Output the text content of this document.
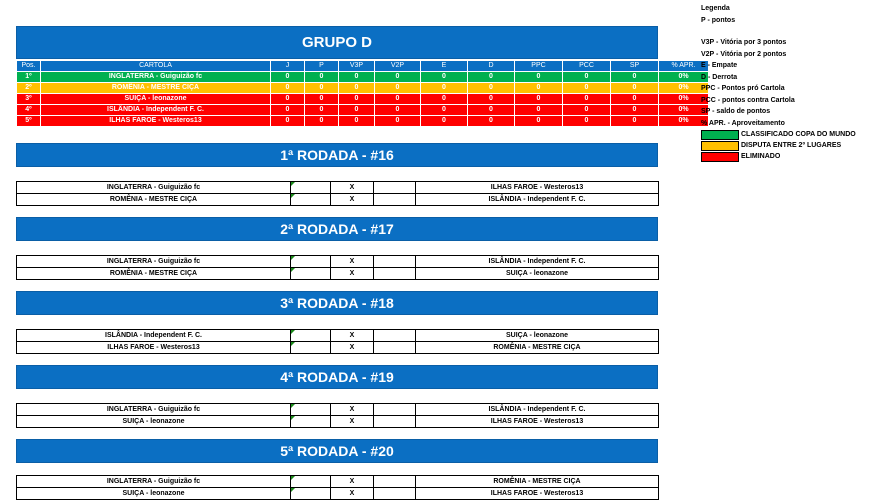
GRUPO D
Pos.	CARTOLA	J	P	V3P	V2P	E	D	PPC	PCC	SP	% APR.
1º	INGLATERRA - Guiguizão fc	0	0	0	0	0	0	0	0	0	0%
2º	ROMÊNIA - MESTRE CIÇA	0	0	0	0	0	0	0	0	0	0%
3º	SUIÇA - leonazone	0	0	0	0	0	0	0	0	0	0%
4º	ISLÂNDIA - Independent F. C.	0	0	0	0	0	0	0	0	0	0%
5º	ILHAS FAROE - Westeros13	0	0	0	0	0	0	0	0	0	0%
1ª RODADA - #16
INGLATERRA - Guiguizão fc		X		ILHAS FAROE - Westeros13
ROMÊNIA - MESTRE CIÇA		X		ISLÂNDIA - Independent F. C.
2ª RODADA - #17
INGLATERRA - Guiguizão fc		X		ISLÂNDIA - Independent F. C.
ROMÊNIA - MESTRE CIÇA		X		SUIÇA - leonazone
3ª RODADA - #18
ISLÂNDIA - Independent F. C.		X		SUIÇA - leonazone
ILHAS FAROE - Westeros13		X		ROMÊNIA - MESTRE CIÇA
4ª RODADA - #19
INGLATERRA - Guiguizão fc		X		ISLÂNDIA - Independent F. C.
SUIÇA - leonazone		X		ILHAS FAROE - Westeros13
5ª RODADA - #20
INGLATERRA - Guiguizão fc		X		ROMÊNIA - MESTRE CIÇA
SUIÇA - leonazone		X		ILHAS FAROE - Westeros13
Legenda
P - pontos
V3P - Vitória por 3 pontos
V2P - Vitória por 2 pontos
E - Empate
D - Derrota
PPC - Pontos pró Cartola
PCC - pontos contra Cartola
SP - saldo de pontos
% APR. - Aproveitamento
CLASSIFICADO COPA DO MUNDO
DISPUTA ENTRE 2º LUGARES
ELIMINADO
